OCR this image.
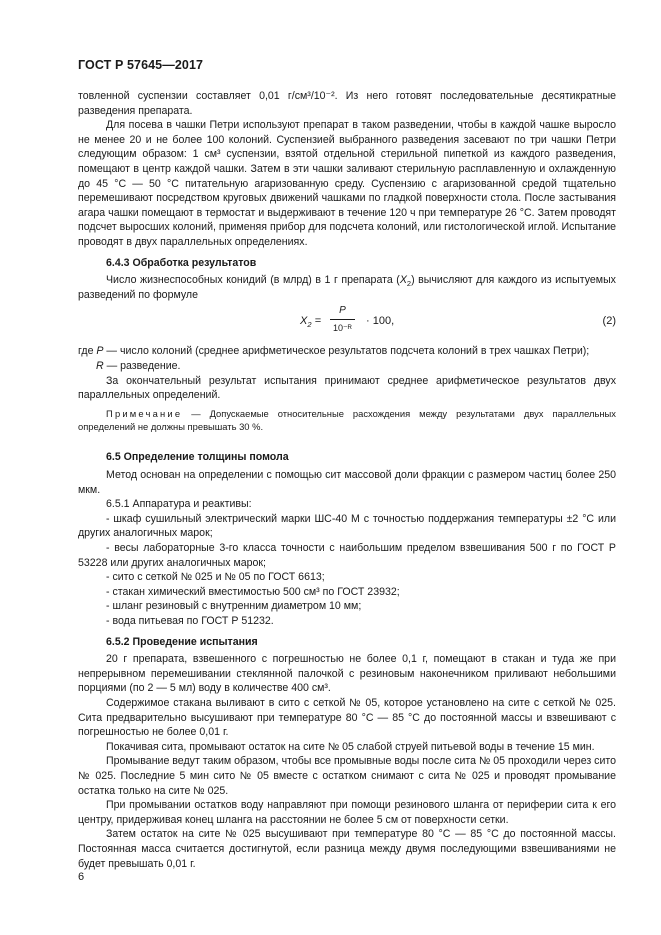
ГОСТ Р 57645—2017

товленной суспензии составляет 0,01 г/см³/10⁻². Из него готовят последовательные десятикратные разведения препарата.

Для посева в чашки Петри используют препарат в таком разведении, чтобы в каждой чашке выросло не менее 20 и не более 100 колоний. Суспензией выбранного разведения засевают по три чашки Петри следующим образом: 1 см³ суспензии, взятой отдельной стерильной пипеткой из каждого разведения, помещают в центр каждой чашки. Затем в эти чашки заливают стерильную расплавленную и охлажденную до 45 °С — 50 °С питательную агаризованную среду. Суспензию с агаризованной средой тщательно перемешивают посредством круговых движений чашками по гладкой поверхности стола. После застывания агара чашки помещают в термостат и выдерживают в течение 120 ч при температуре 26 °С. Затем проводят подсчет выросших колоний, применяя прибор для подсчета колоний, или гистологической иглой. Испытание проводят в двух параллельных определениях.

6.4.3 Обработка результатов

Число жизнеспособных конидий (в млрд) в 1 г препарата $(X_2)$ вычисляют для каждого из испытуемых разведений по формуле

$X_2 = \frac{P}{\text{10⁻ᴿ}} \cdot 100$,	(2)

где P — число колоний (среднее арифметическое результатов подсчета колоний в трех чашках Петри);

R — разведение.

За окончательный результат испытания принимают среднее арифметическое результатов двух параллельных определений.

Примечание — Допускаемые относительные расхождения между результатами двух параллельных определений не должны превышать 30 %.

6.5 Определение толщины помола

Метод основан на определении с помощью сит массовой доли фракции с размером частиц более 250 мкм.

6.5.1 Аппаратура и реактивы:

- шкаф сушильный электрический марки ШС-40 М с точностью поддержания температуры ±2 °С или других аналогичных марок;

- весы лабораторные 3-го класса точности с наибольшим пределом взвешивания 500 г по ГОСТ Р 53228 или других аналогичных марок;

- сито с сеткой № 025 и № 05 по ГОСТ 6613;

- стакан химический вместимостью 500 см³ по ГОСТ 23932;

- шланг резиновый с внутренним диаметром 10 мм;

- вода питьевая по ГОСТ Р 51232.

6.5.2 Проведение испытания

20 г препарата, взвешенного с погрешностью не более 0,1 г, помещают в стакан и туда же при непрерывном перемешивании стеклянной палочкой с резиновым наконечником приливают небольшими порциями (по 2 — 5 мл) воду в количестве 400 см³.

Содержимое стакана выливают в сито с сеткой № 05, которое установлено на сите с сеткой № 025. Сита предварительно высушивают при температуре 80 °С — 85 °С до постоянной массы и взвешивают с погрешностью не более 0,01 г.

Покачивая сита, промывают остаток на сите № 05 слабой струей питьевой воды в течение 15 мин.

Промывание ведут таким образом, чтобы все промывные воды после сита № 05 проходили через сито № 025. Последние 5 мин сито № 05 вместе с остатком снимают с сита № 025 и проводят промывание остатка только на сите № 025.

При промывании остатков воду направляют при помощи резинового шланга от периферии сита к его центру, придерживая конец шланга на расстоянии не более 5 см от поверхности сетки.

Затем остаток на сите № 025 высушивают при температуре 80 °С — 85 °С до постоянной массы. Постоянная масса считается достигнутой, если разница между двумя последующими взвешиваниями не будет превышать 0,01 г.

6
